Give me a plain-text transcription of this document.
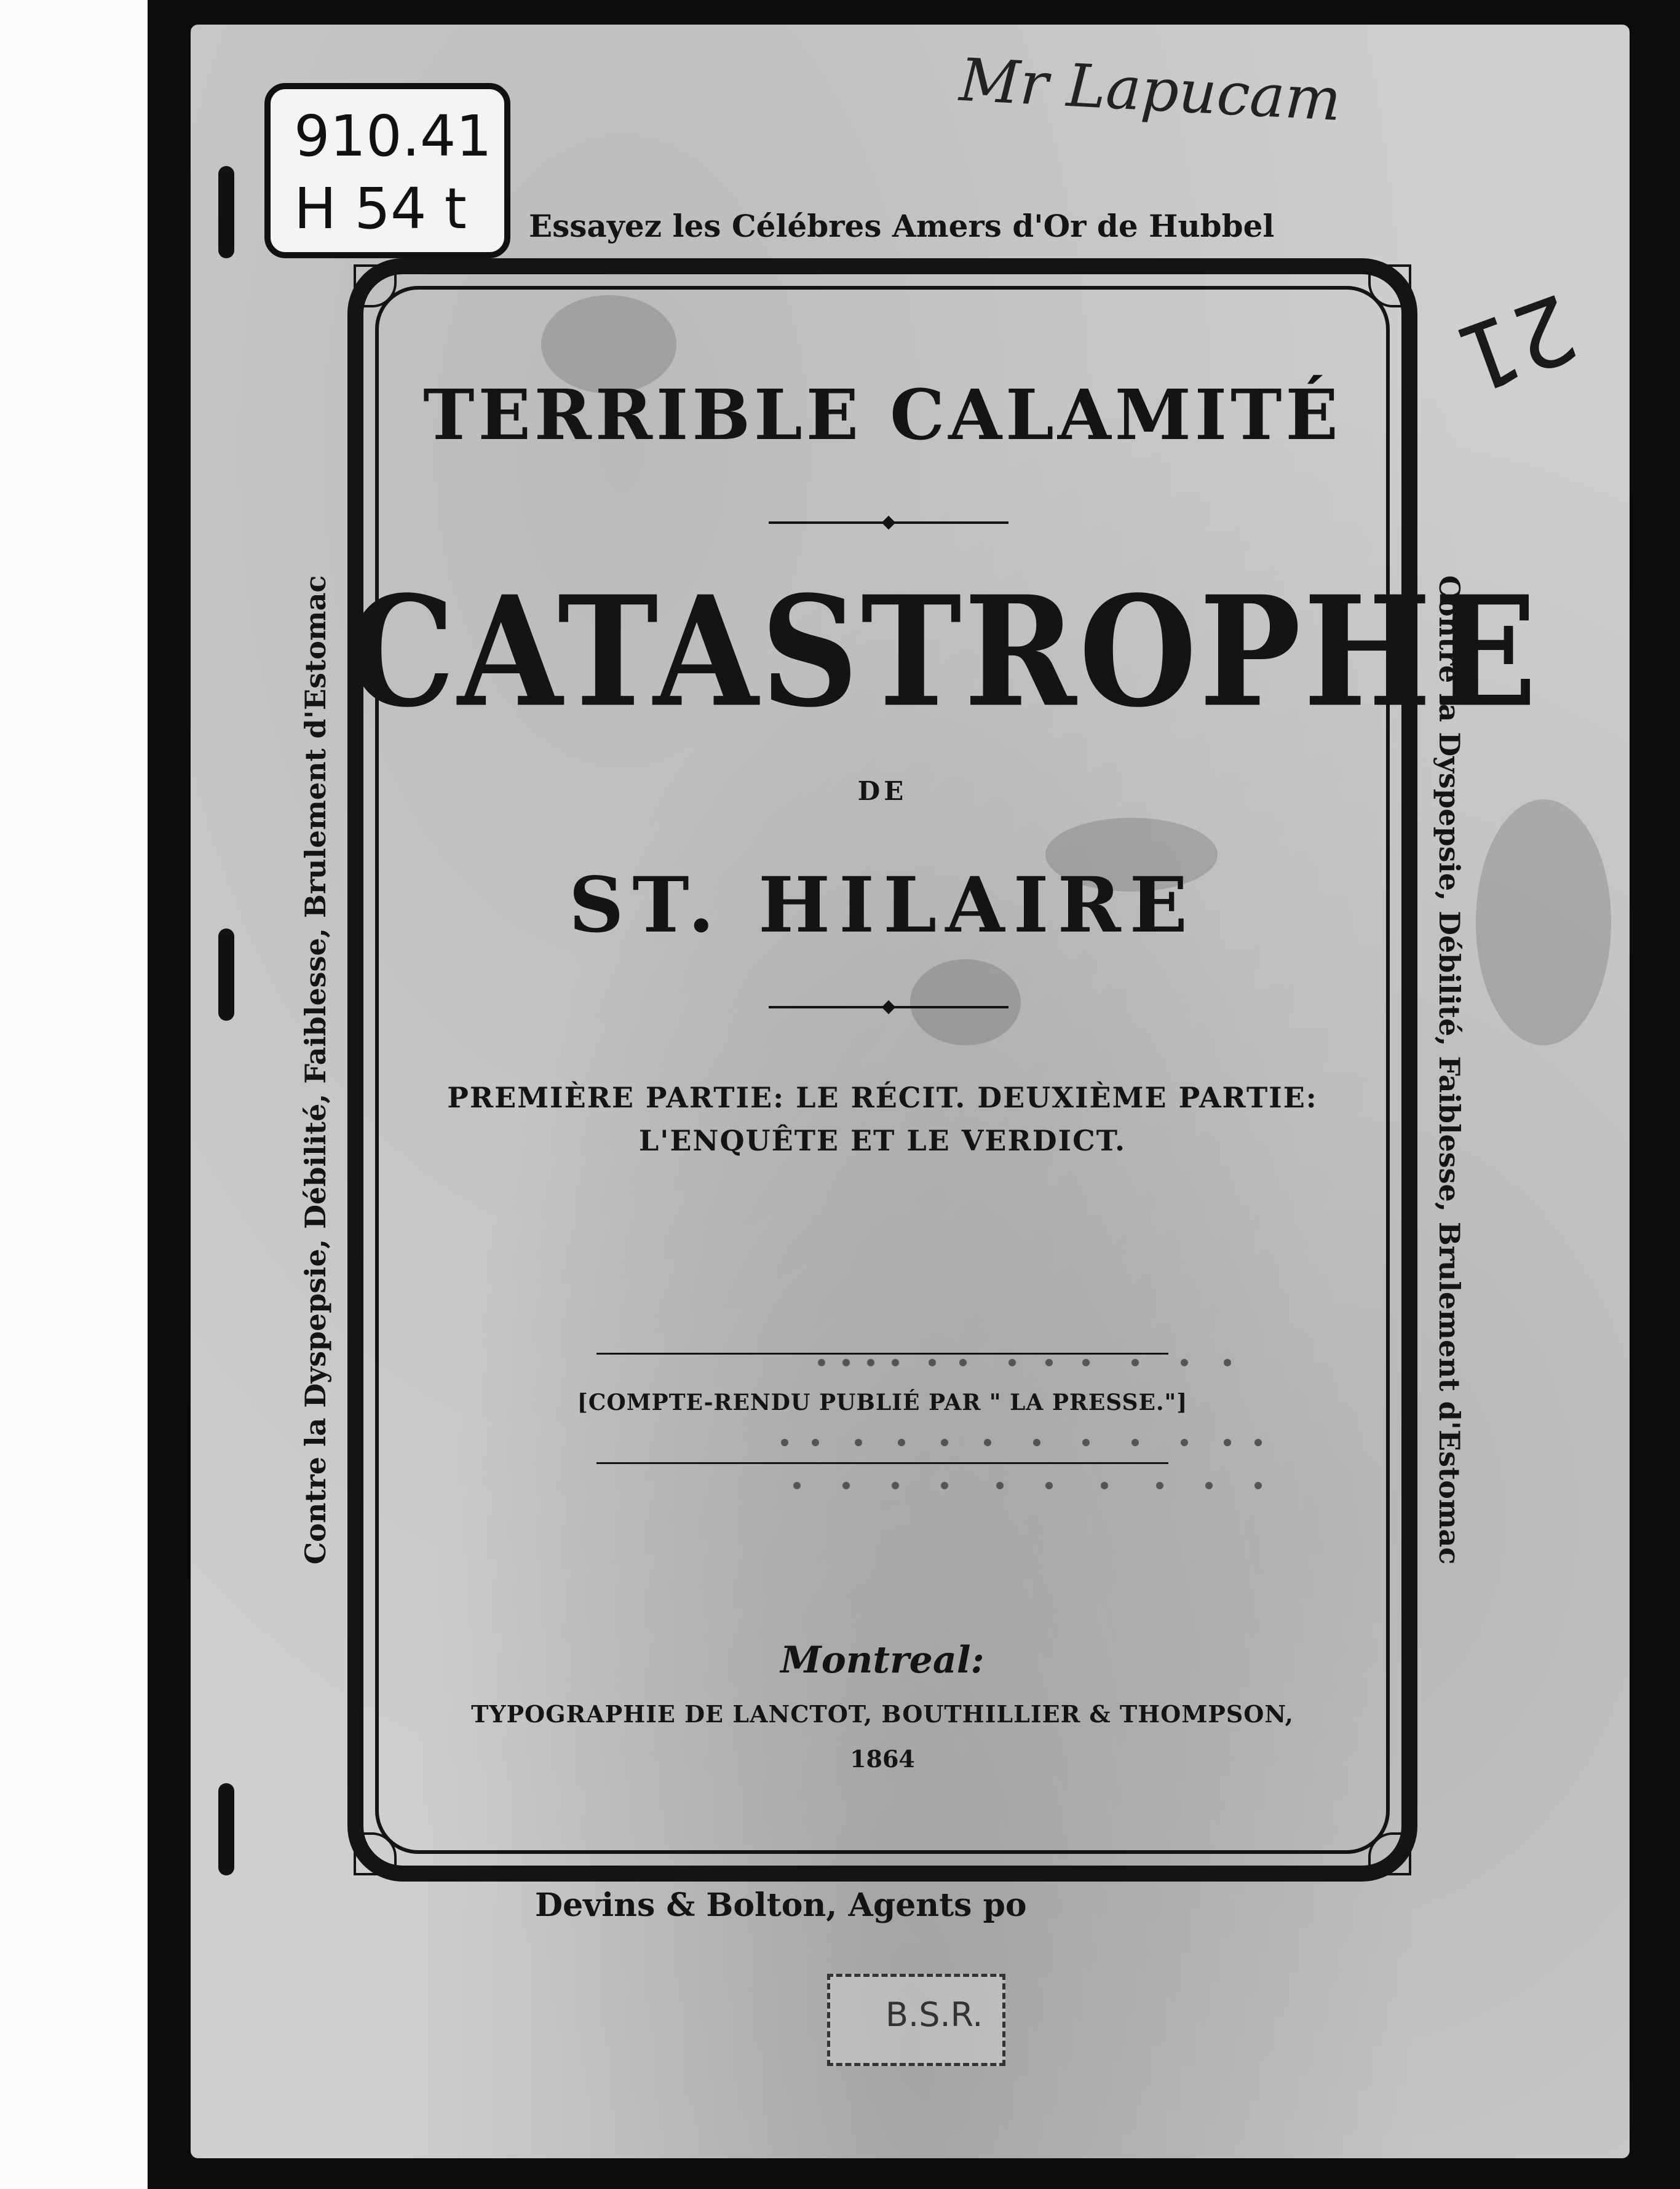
910.41
H 54 t
Mr Lapucam
21
Essayez les Célébres Amers d'Or de Hubbel
Contre la Dyspepsie, Débilité, Faiblesse, Brulement d'Estomac	Contre la Dyspepsie, Débilité, Faiblesse, Brulement d'Estomac
TERRIBLE CALAMITÉ
CATASTROPHE
DE
ST. HILAIRE
PREMIÈRE PARTIE: LE RÉCIT. DEUXIÈME PARTIE:
L'ENQUÊTE ET LE VERDICT.
[COMPTE-RENDU PUBLIÉ PAR " LA PRESSE."]
Montreal:
TYPOGRAPHIE DE LANCTOT, BOUTHILLIER & THOMPSON,
1864
Devins & Bolton, Agents po
B.S.R.
